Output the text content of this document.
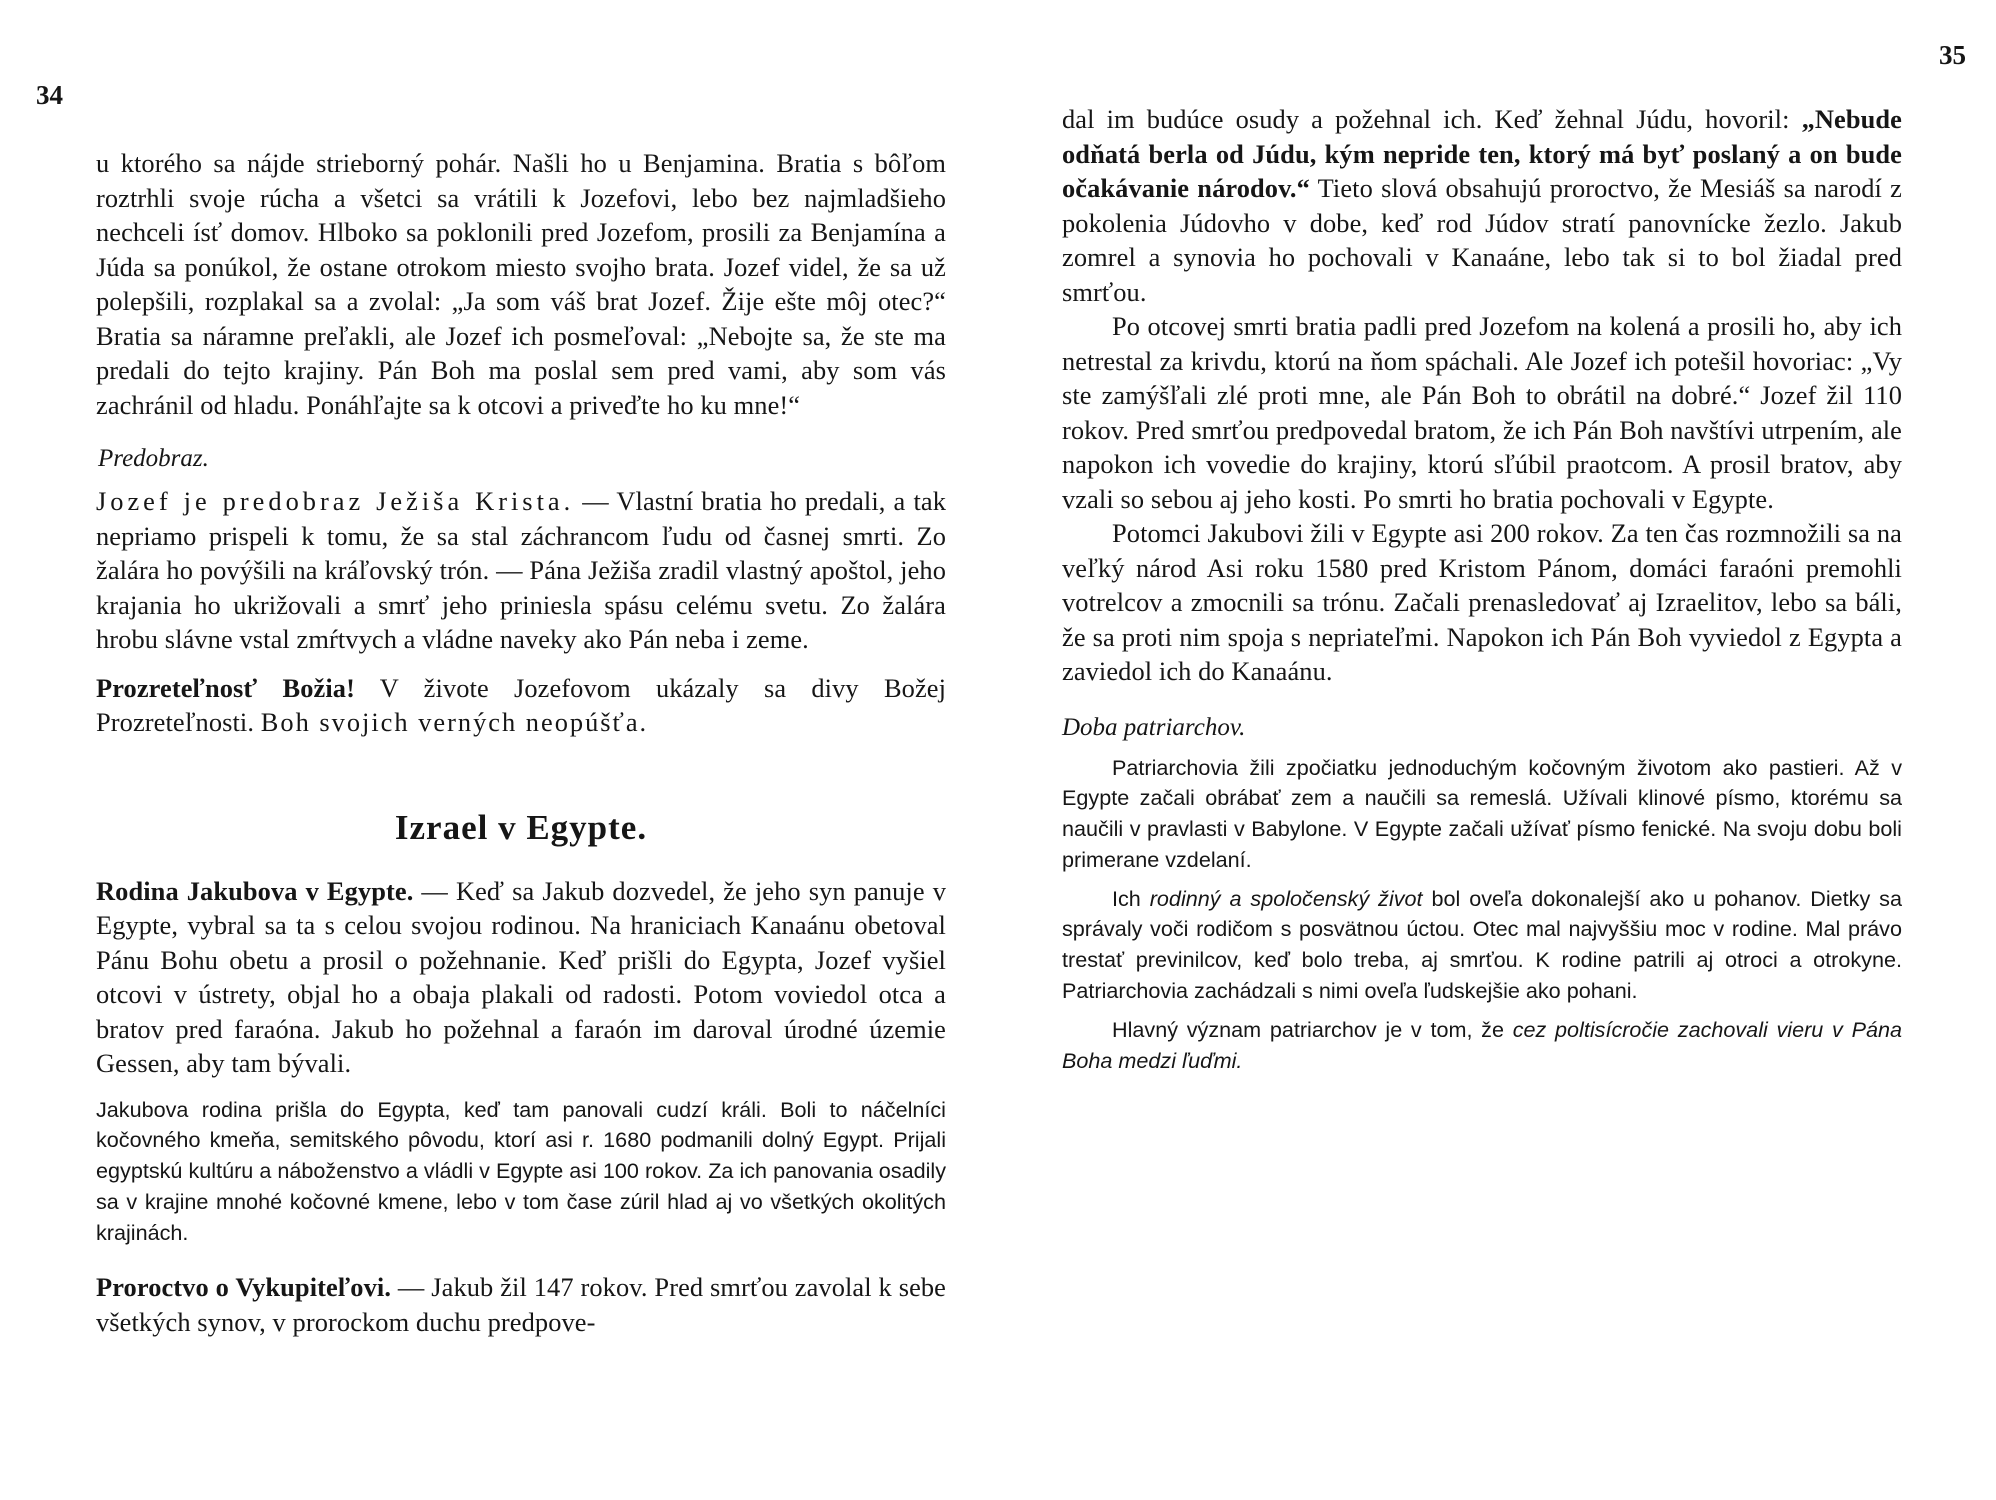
34
35

u ktorého sa nájde strieborný pohár. Našli ho u Benjamina. Bratia s bôľom roztrhli svoje rúcha a všetci sa vrátili k Jozefovi, lebo bez najmladšieho nechceli ísť domov. Hlboko sa poklonili pred Jozefom, prosili za Benjamína a Júda sa ponúkol, že ostane otrokom miesto svojho brata. Jozef videl, že sa už polepšili, rozplakal sa a zvolal: „Ja som váš brat Jozef. Žije ešte môj otec?“ Bratia sa náramne preľakli, ale Jozef ich posmeľoval: „Nebojte sa, že ste ma predali do tejto krajiny. Pán Boh ma poslal sem pred vami, aby som vás zachránil od hladu. Ponáhľajte sa k otcovi a priveďte ho ku mne!“

Predobraz.

Jozef je predobraz Ježiša Krista. — Vlastní bratia ho predali, a tak nepriamo prispeli k tomu, že sa stal záchrancom ľudu od časnej smrti. Zo žalára ho povýšili na kráľovský trón. — Pána Ježiša zradil vlastný apoštol, jeho krajania ho ukrižovali a smrť jeho priniesla spásu celému svetu. Zo žalára hrobu slávne vstal zmŕtvych a vládne naveky ako Pán neba i zeme.

Prozreteľnosť Božia! V živote Jozefovom ukázaly sa divy Božej Prozreteľnosti. Boh svojich verných neopúšťa.

Izrael v Egypte.

Rodina Jakubova v Egypte. — Keď sa Jakub dozvedel, že jeho syn panuje v Egypte, vybral sa ta s celou svojou rodinou. Na hraniciach Kanaánu obetoval Pánu Bohu obetu a prosil o požehnanie. Keď prišli do Egypta, Jozef vyšiel otcovi v ústrety, objal ho a obaja plakali od radosti. Potom voviedol otca a bratov pred faraóna. Jakub ho požehnal a faraón im daroval úrodné územie Gessen, aby tam bývali.

Jakubova rodina prišla do Egypta, keď tam panovali cudzí králi. Boli to náčelníci kočovného kmeňa, semitského pôvodu, ktorí asi r. 1680 podmanili dolný Egypt. Prijali egyptskú kultúru a náboženstvo a vládli v Egypte asi 100 rokov. Za ich panovania osadily sa v krajine mnohé kočovné kmene, lebo v tom čase zúril hlad aj vo všetkých okolitých krajinách.

Proroctvo o Vykupiteľovi. — Jakub žil 147 rokov. Pred smrťou zavolal k sebe všetkých synov, v prorockom duchu predpove-

dal im budúce osudy a požehnal ich. Keď žehnal Júdu, hovoril: „Nebude odňatá berla od Júdu, kým nepride ten, ktorý má byť poslaný a on bude očakávanie národov.“ Tieto slová obsahujú proroctvo, že Mesiáš sa narodí z pokolenia Júdovho v dobe, keď rod Júdov stratí panovnícke žezlo. Jakub zomrel a synovia ho pochovali v Kanaáne, lebo tak si to bol žiadal pred smrťou.

Po otcovej smrti bratia padli pred Jozefom na kolená a prosili ho, aby ich netrestal za krivdu, ktorú na ňom spáchali. Ale Jozef ich potešil hovoriac: „Vy ste zamýšľali zlé proti mne, ale Pán Boh to obrátil na dobré.“ Jozef žil 110 rokov. Pred smrťou predpovedal bratom, že ich Pán Boh navštívi utrpením, ale napokon ich vovedie do krajiny, ktorú sľúbil praotcom. A prosil bratov, aby vzali so sebou aj jeho kosti. Po smrti ho bratia pochovali v Egypte.

Potomci Jakubovi žili v Egypte asi 200 rokov. Za ten čas rozmnožili sa na veľký národ Asi roku 1580 pred Kristom Pánom, domáci faraóni premohli votrelcov a zmocnili sa trónu. Začali prenasledovať aj Izraelitov, lebo sa báli, že sa proti nim spoja s nepriateľmi. Napokon ich Pán Boh vyviedol z Egypta a zaviedol ich do Kanaánu.

Doba patriarchov.

Patriarchovia žili zpočiatku jednoduchým kočovným životom ako pastieri. Až v Egypte začali obrábať zem a naučili sa remeslá. Užívali klinové písmo, ktorému sa naučili v pravlasti v Babylone. V Egypte začali užívať písmo fenické. Na svoju dobu boli primerane vzdelaní.

Ich rodinný a spoločenský život bol oveľa dokonalejší ako u pohanov. Dietky sa správaly voči rodičom s posvätnou úctou. Otec mal najvyššiu moc v rodine. Mal právo trestať previnilcov, keď bolo treba, aj smrťou. K rodine patrili aj otroci a otrokyne. Patriarchovia zachádzali s nimi oveľa ľudskejšie ako pohani.

Hlavný význam patriarchov je v tom, že cez poltisícročie zachovali vieru v Pána Boha medzi ľuďmi.
